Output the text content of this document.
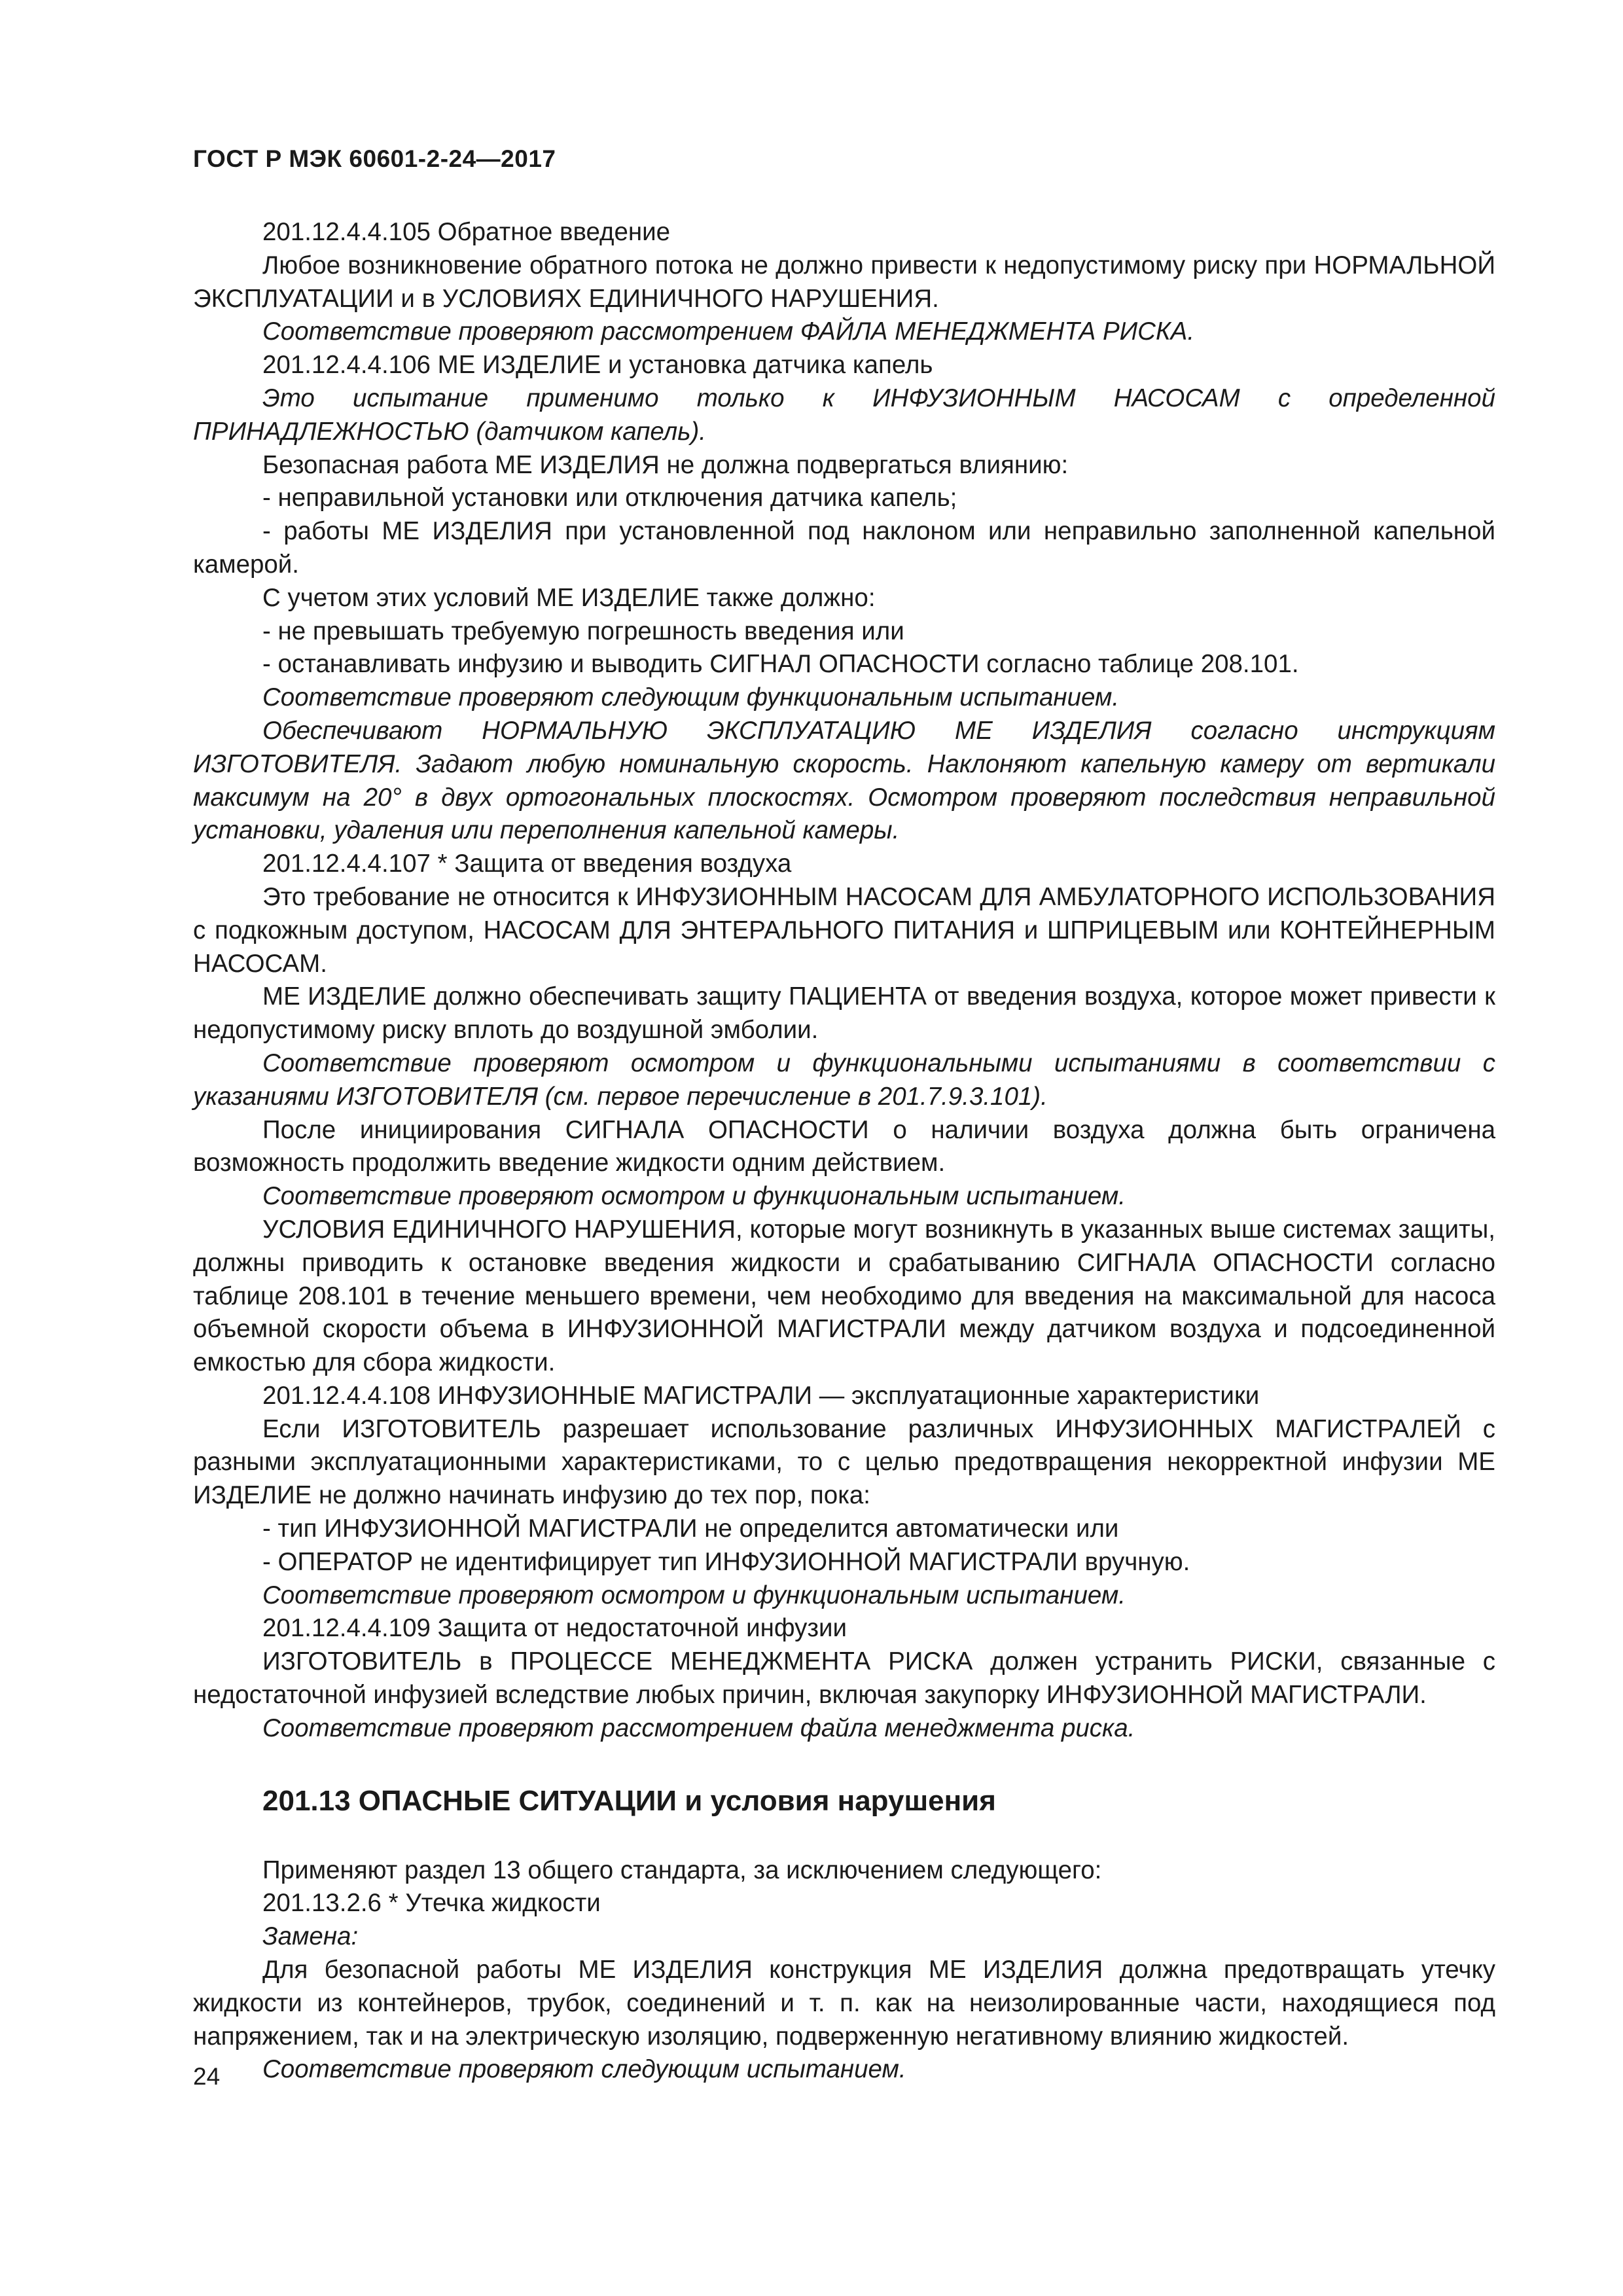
ГОСТ Р МЭК 60601-2-24—2017

201.12.4.4.105 Обратное введение

Любое возникновение обратного потока не должно привести к недопустимому риску при НОРМАЛЬНОЙ ЭКСПЛУАТАЦИИ и в УСЛОВИЯХ ЕДИНИЧНОГО НАРУШЕНИЯ.

Соответствие проверяют рассмотрением ФАЙЛА МЕНЕДЖМЕНТА РИСКА.

201.12.4.4.106 МЕ ИЗДЕЛИЕ и установка датчика капель

Это испытание применимо только к ИНФУЗИОННЫМ НАСОСАМ с определенной ПРИНАДЛЕЖНОСТЬЮ (датчиком капель).

Безопасная работа МЕ ИЗДЕЛИЯ не должна подвергаться влиянию:

- неправильной установки или отключения датчика капель;

- работы МЕ ИЗДЕЛИЯ при установленной под наклоном или неправильно заполненной капельной камерой.

С учетом этих условий МЕ ИЗДЕЛИЕ также должно:

- не превышать требуемую погрешность введения или

- останавливать инфузию и выводить СИГНАЛ ОПАСНОСТИ согласно таблице 208.101.

Соответствие проверяют следующим функциональным испытанием.

Обеспечивают НОРМАЛЬНУЮ ЭКСПЛУАТАЦИЮ МЕ ИЗДЕЛИЯ согласно инструкциям ИЗГОТОВИТЕЛЯ. Задают любую номинальную скорость. Наклоняют капельную камеру от вертикали максимум на 20° в двух ортогональных плоскостях. Осмотром проверяют последствия неправильной установки, удаления или переполнения капельной камеры.

201.12.4.4.107 * Защита от введения воздуха

Это требование не относится к ИНФУЗИОННЫМ НАСОСАМ ДЛЯ АМБУЛАТОРНОГО ИСПОЛЬЗОВАНИЯ с подкожным доступом, НАСОСАМ ДЛЯ ЭНТЕРАЛЬНОГО ПИТАНИЯ и ШПРИЦЕВЫМ или КОНТЕЙНЕРНЫМ НАСОСАМ.

МЕ ИЗДЕЛИЕ должно обеспечивать защиту ПАЦИЕНТА от введения воздуха, которое может привести к недопустимому риску вплоть до воздушной эмболии.

Соответствие проверяют осмотром и функциональными испытаниями в соответствии с указаниями ИЗГОТОВИТЕЛЯ (см. первое перечисление в 201.7.9.3.101).

После инициирования СИГНАЛА ОПАСНОСТИ о наличии воздуха должна быть ограничена возможность продолжить введение жидкости одним действием.

Соответствие проверяют осмотром и функциональным испытанием.

УСЛОВИЯ ЕДИНИЧНОГО НАРУШЕНИЯ, которые могут возникнуть в указанных выше системах защиты, должны приводить к остановке введения жидкости и срабатыванию СИГНАЛА ОПАСНОСТИ согласно таблице 208.101 в течение меньшего времени, чем необходимо для введения на максимальной для насоса объемной скорости объема в ИНФУЗИОННОЙ МАГИСТРАЛИ между датчиком воздуха и подсоединенной емкостью для сбора жидкости.

201.12.4.4.108 ИНФУЗИОННЫЕ МАГИСТРАЛИ — эксплуатационные характеристики

Если ИЗГОТОВИТЕЛЬ разрешает использование различных ИНФУЗИОННЫХ МАГИСТРАЛЕЙ с разными эксплуатационными характеристиками, то с целью предотвращения некорректной инфузии МЕ ИЗДЕЛИЕ не должно начинать инфузию до тех пор, пока:

- тип ИНФУЗИОННОЙ МАГИСТРАЛИ не определится автоматически или

- ОПЕРАТОР не идентифицирует тип ИНФУЗИОННОЙ МАГИСТРАЛИ вручную.

Соответствие проверяют осмотром и функциональным испытанием.

201.12.4.4.109 Защита от недостаточной инфузии

ИЗГОТОВИТЕЛЬ в ПРОЦЕССЕ МЕНЕДЖМЕНТА РИСКА должен устранить РИСКИ, связанные с недостаточной инфузией вследствие любых причин, включая закупорку ИНФУЗИОННОЙ МАГИСТРАЛИ.

Соответствие проверяют рассмотрением файла менеджмента риска.

201.13 ОПАСНЫЕ СИТУАЦИИ и условия нарушения

Применяют раздел 13 общего стандарта, за исключением следующего:

201.13.2.6 * Утечка жидкости

Замена:

Для безопасной работы МЕ ИЗДЕЛИЯ конструкция МЕ ИЗДЕЛИЯ должна предотвращать утечку жидкости из контейнеров, трубок, соединений и т. п. как на неизолированные части, находящиеся под напряжением, так и на электрическую изоляцию, подверженную негативному влиянию жидкостей.

Соответствие проверяют следующим испытанием.

24
